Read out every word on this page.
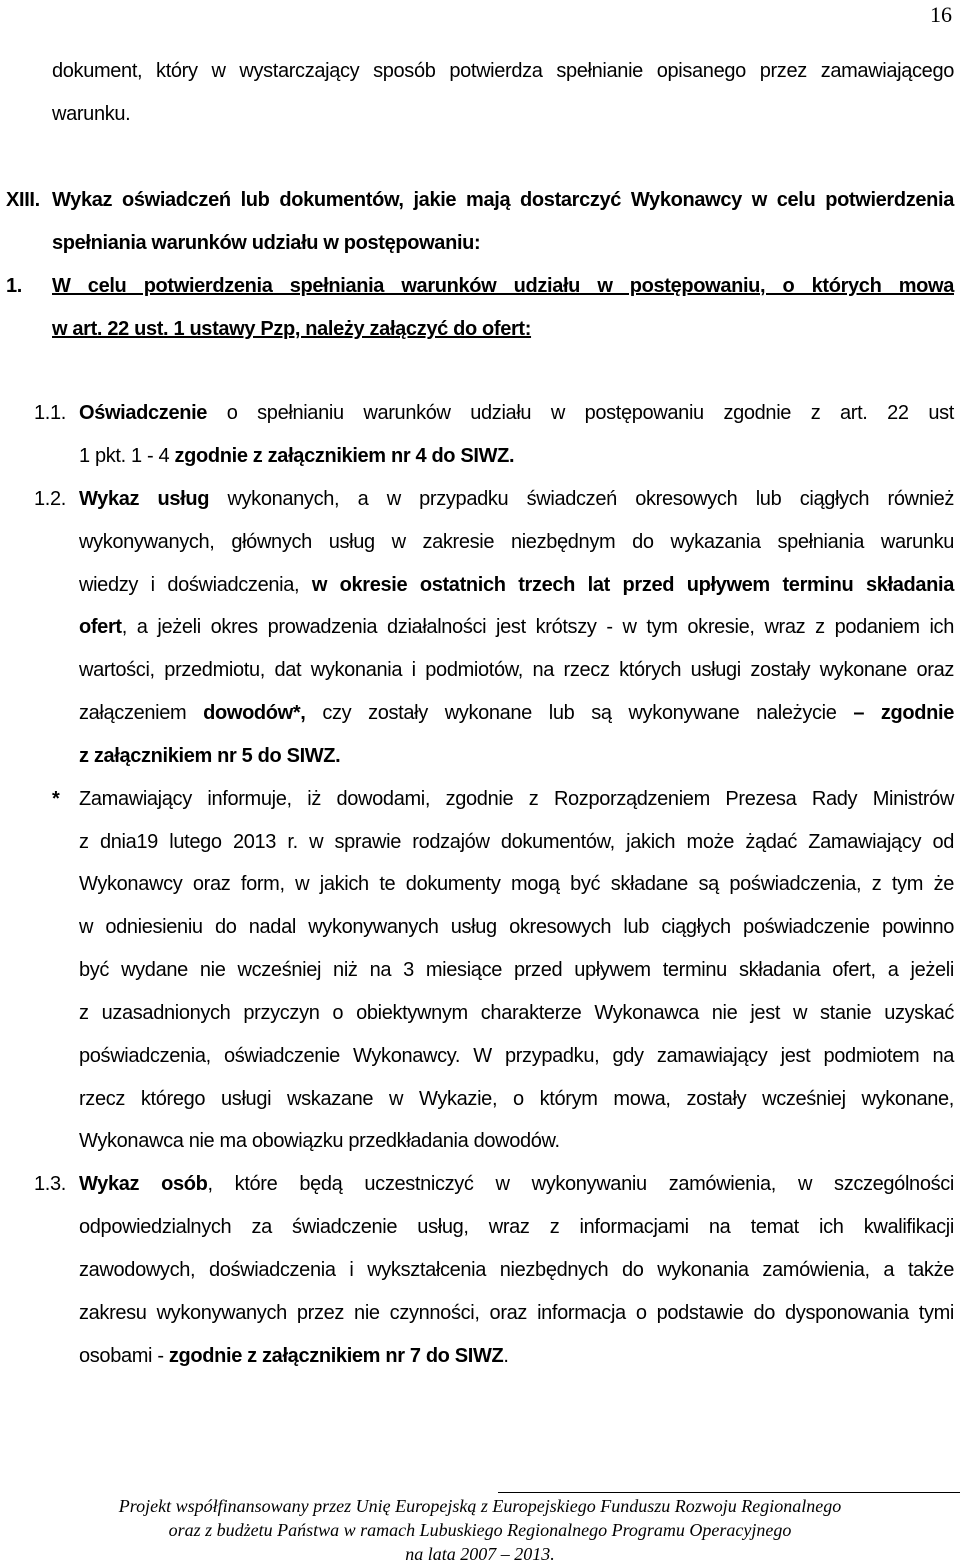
16
dokument, który w wystarczający sposób potwierdza spełnianie opisanego przez zamawiającego
warunku.
XIII. Wykaz oświadczeń lub dokumentów, jakie mają dostarczyć Wykonawcy w celu potwierdzenia
spełniania warunków udziału w postępowaniu:
1. W celu potwierdzenia spełniania warunków udziału w postępowaniu, o których mowa
w art. 22 ust. 1 ustawy Pzp, należy załączyć do ofert:
1.1. Oświadczenie o spełnianiu warunków udziału w postępowaniu zgodnie z art. 22 ust
1 pkt. 1 - 4 zgodnie z załącznikiem nr 4 do SIWZ.
1.2. Wykaz usług wykonanych, a w przypadku świadczeń okresowych lub ciągłych również
wykonywanych, głównych usług w zakresie niezbędnym do wykazania spełniania warunku
wiedzy i doświadczenia, w okresie ostatnich trzech lat przed upływem terminu składania
ofert, a jeżeli okres prowadzenia działalności jest krótszy - w tym okresie, wraz z podaniem ich
wartości, przedmiotu, dat wykonania i podmiotów, na rzecz których usługi zostały wykonane oraz
załączeniem dowodów*, czy zostały wykonane lub są wykonywane należycie – zgodnie
z załącznikiem nr 5 do SIWZ.
* Zamawiający informuje, iż dowodami, zgodnie z Rozporządzeniem Prezesa Rady Ministrów
z dnia19 lutego 2013 r. w sprawie rodzajów dokumentów, jakich może żądać Zamawiający od
Wykonawcy oraz form, w jakich te dokumenty mogą być składane są poświadczenia, z tym że
w odniesieniu do nadal wykonywanych usług okresowych lub ciągłych poświadczenie powinno
być wydane nie wcześniej niż na 3 miesiące przed upływem terminu składania ofert, a jeżeli
z uzasadnionych przyczyn o obiektywnym charakterze Wykonawca nie jest w stanie uzyskać
poświadczenia, oświadczenie Wykonawcy. W przypadku, gdy zamawiający jest podmiotem na
rzecz którego usługi wskazane w Wykazie, o którym mowa, zostały wcześniej wykonane,
Wykonawca nie ma obowiązku przedkładania dowodów.
1.3. Wykaz osób, które będą uczestniczyć w wykonywaniu zamówienia, w szczególności
odpowiedzialnych za świadczenie usług, wraz z informacjami na temat ich kwalifikacji
zawodowych, doświadczenia i wykształcenia niezbędnych do wykonania zamówienia, a także
zakresu wykonywanych przez nie czynności, oraz informacja o podstawie do dysponowania tymi
osobami - zgodnie z załącznikiem nr 7 do SIWZ.
Projekt współfinansowany przez Unię Europejską z Europejskiego Funduszu Rozwoju Regionalnego
oraz z budżetu Państwa w ramach Lubuskiego Regionalnego Programu Operacyjnego
na lata 2007 – 2013.
